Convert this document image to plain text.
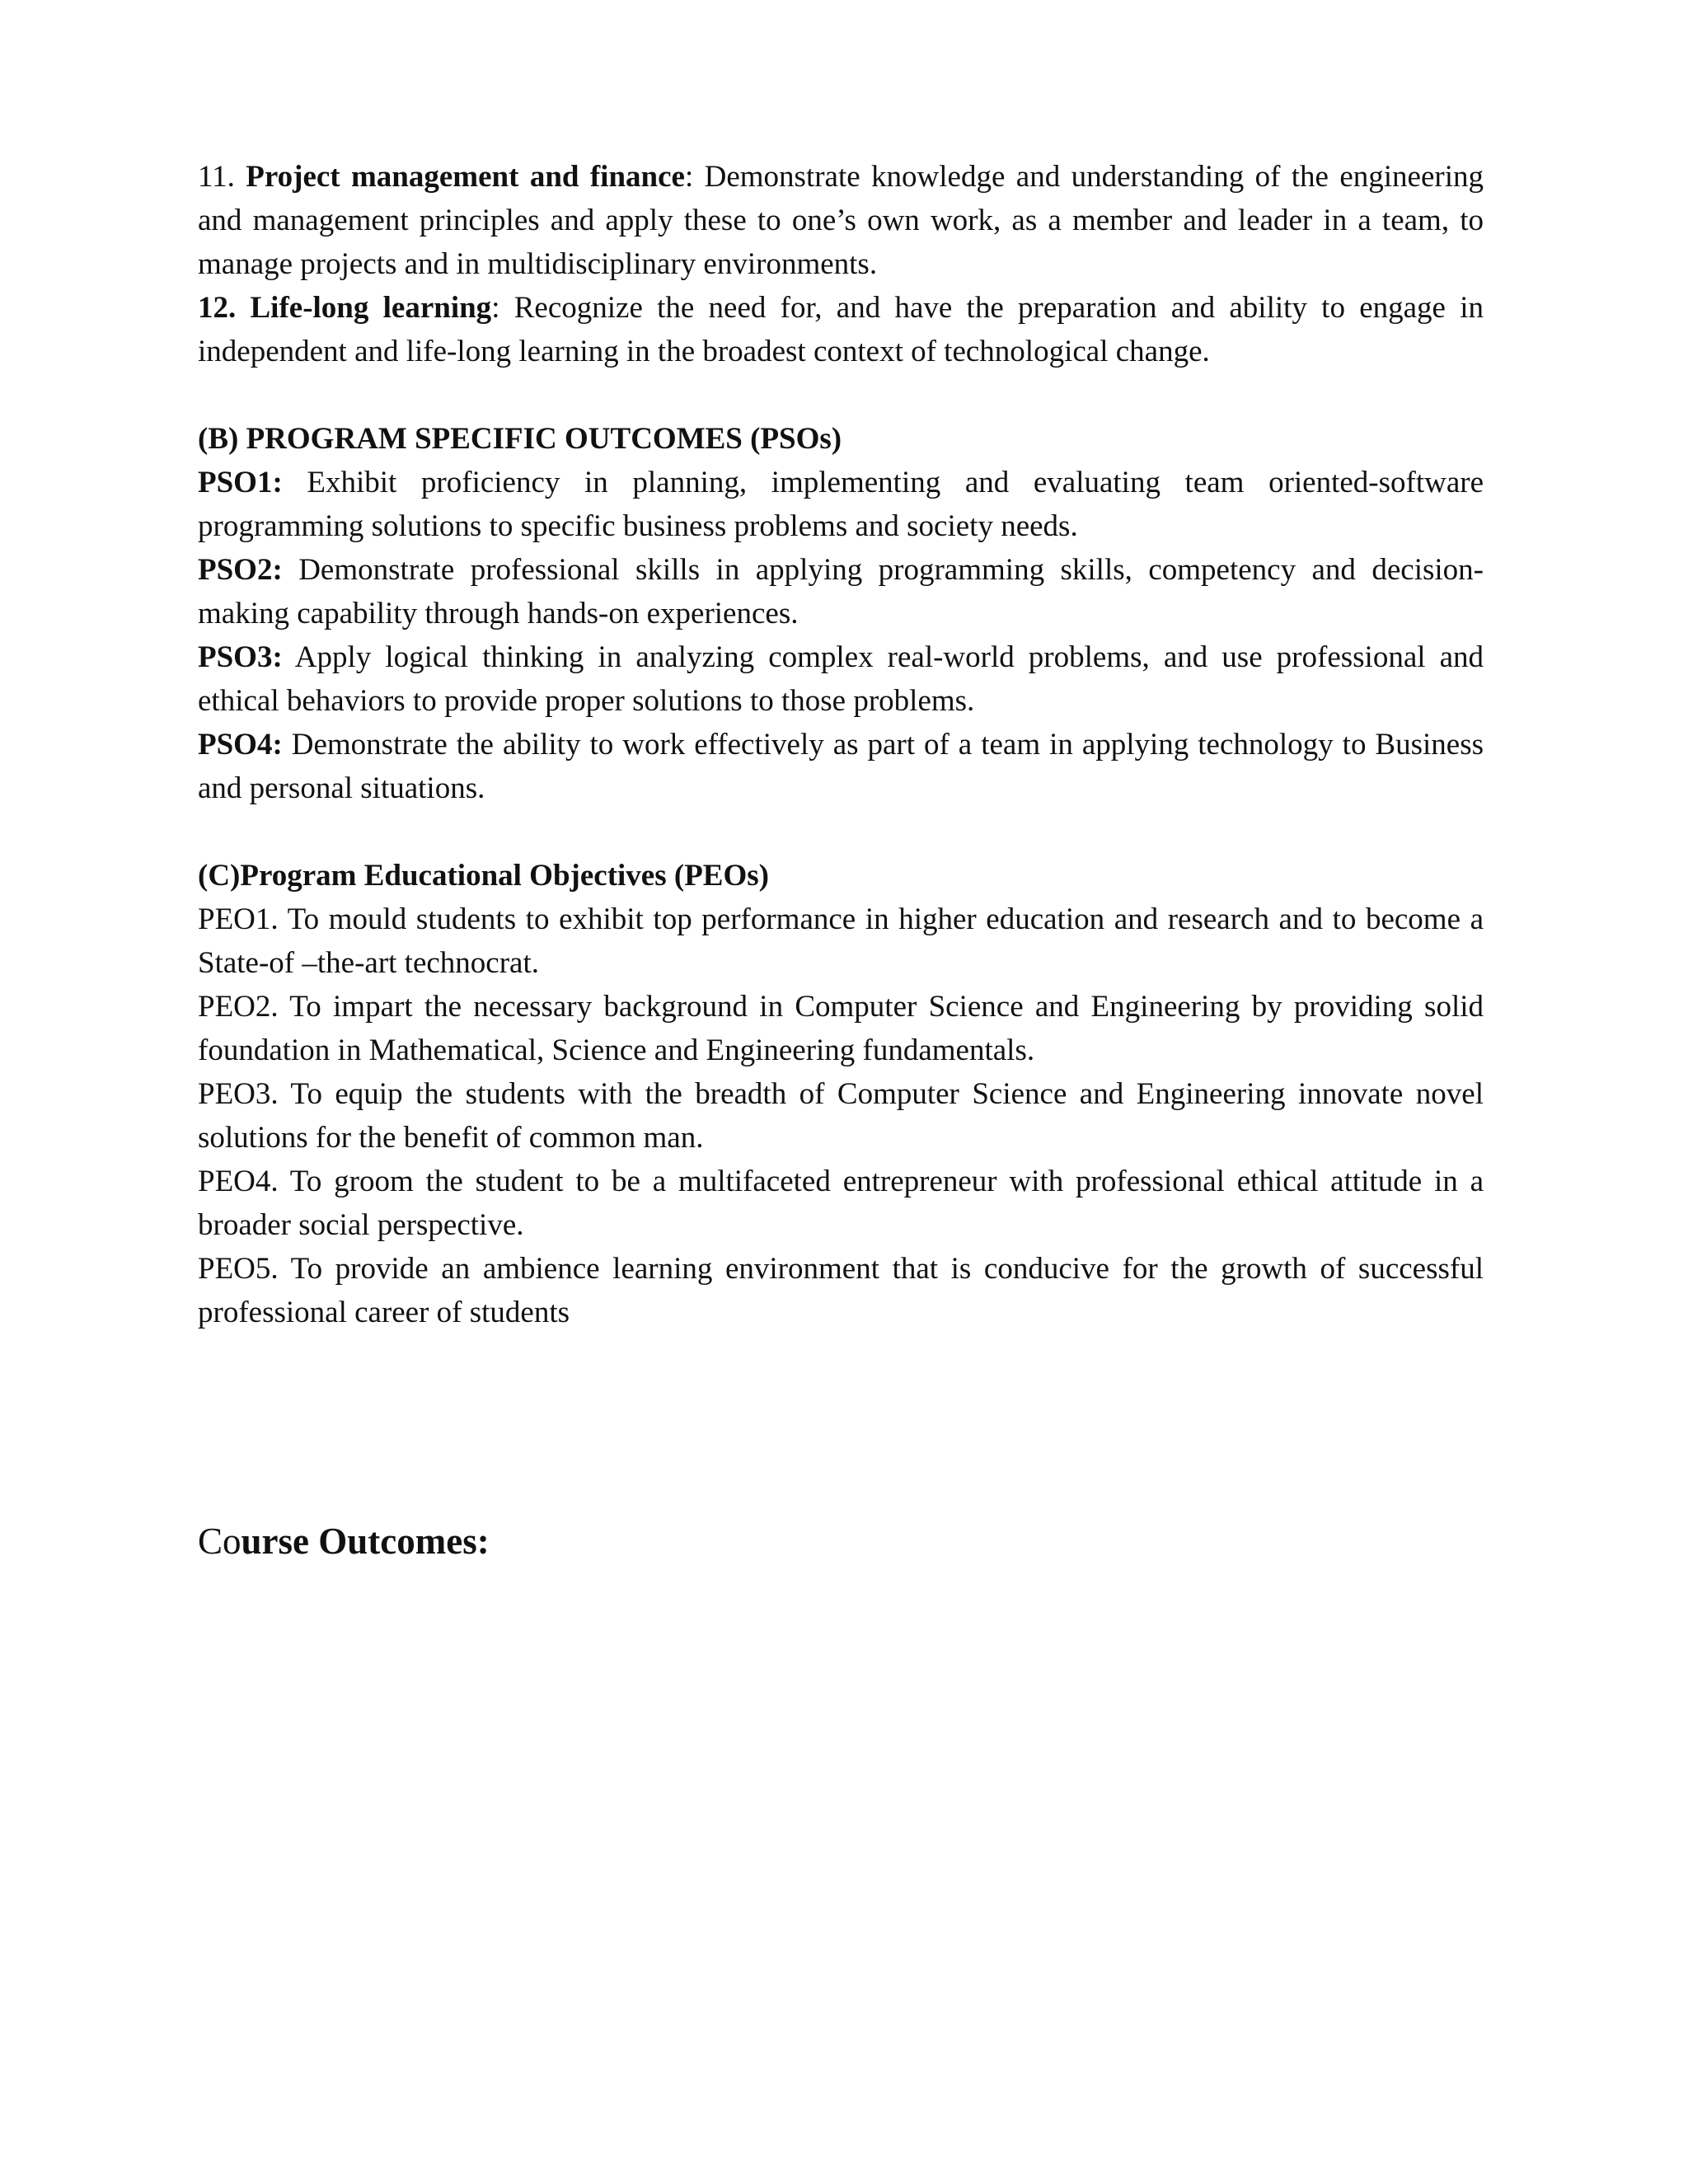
11. Project management and finance: Demonstrate knowledge and understanding of the engineering and management principles and apply these to one’s own work, as a member and leader in a team, to manage projects and in multidisciplinary environments.

12. Life-long learning: Recognize the need for, and have the preparation and ability to engage in independent and life-long learning in the broadest context of technological change.

(B) PROGRAM SPECIFIC OUTCOMES (PSOs)

PSO1: Exhibit proficiency in planning, implementing and evaluating team oriented-software programming solutions to specific business problems and society needs.

PSO2: Demonstrate professional skills in applying programming skills, competency and decision-making capability through hands-on experiences.

PSO3: Apply logical thinking in analyzing complex real-world problems, and use professional and ethical behaviors to provide proper solutions to those problems.

PSO4: Demonstrate the ability to work effectively as part of a team in applying technology to Business and personal situations.

(C)Program Educational Objectives (PEOs)

PEO1. To mould students to exhibit top performance in higher education and research and to become a State-of –the-art technocrat.

PEO2. To impart the necessary background in Computer Science and Engineering by providing solid foundation in Mathematical, Science and Engineering fundamentals.

PEO3. To equip the students with the breadth of Computer Science and Engineering innovate novel solutions for the benefit of common man.

PEO4. To groom the student to be a multifaceted entrepreneur with professional ethical attitude in a broader social perspective.

PEO5. To provide an ambience learning environment that is conducive for the growth of successful professional career of students

Course Outcomes:
